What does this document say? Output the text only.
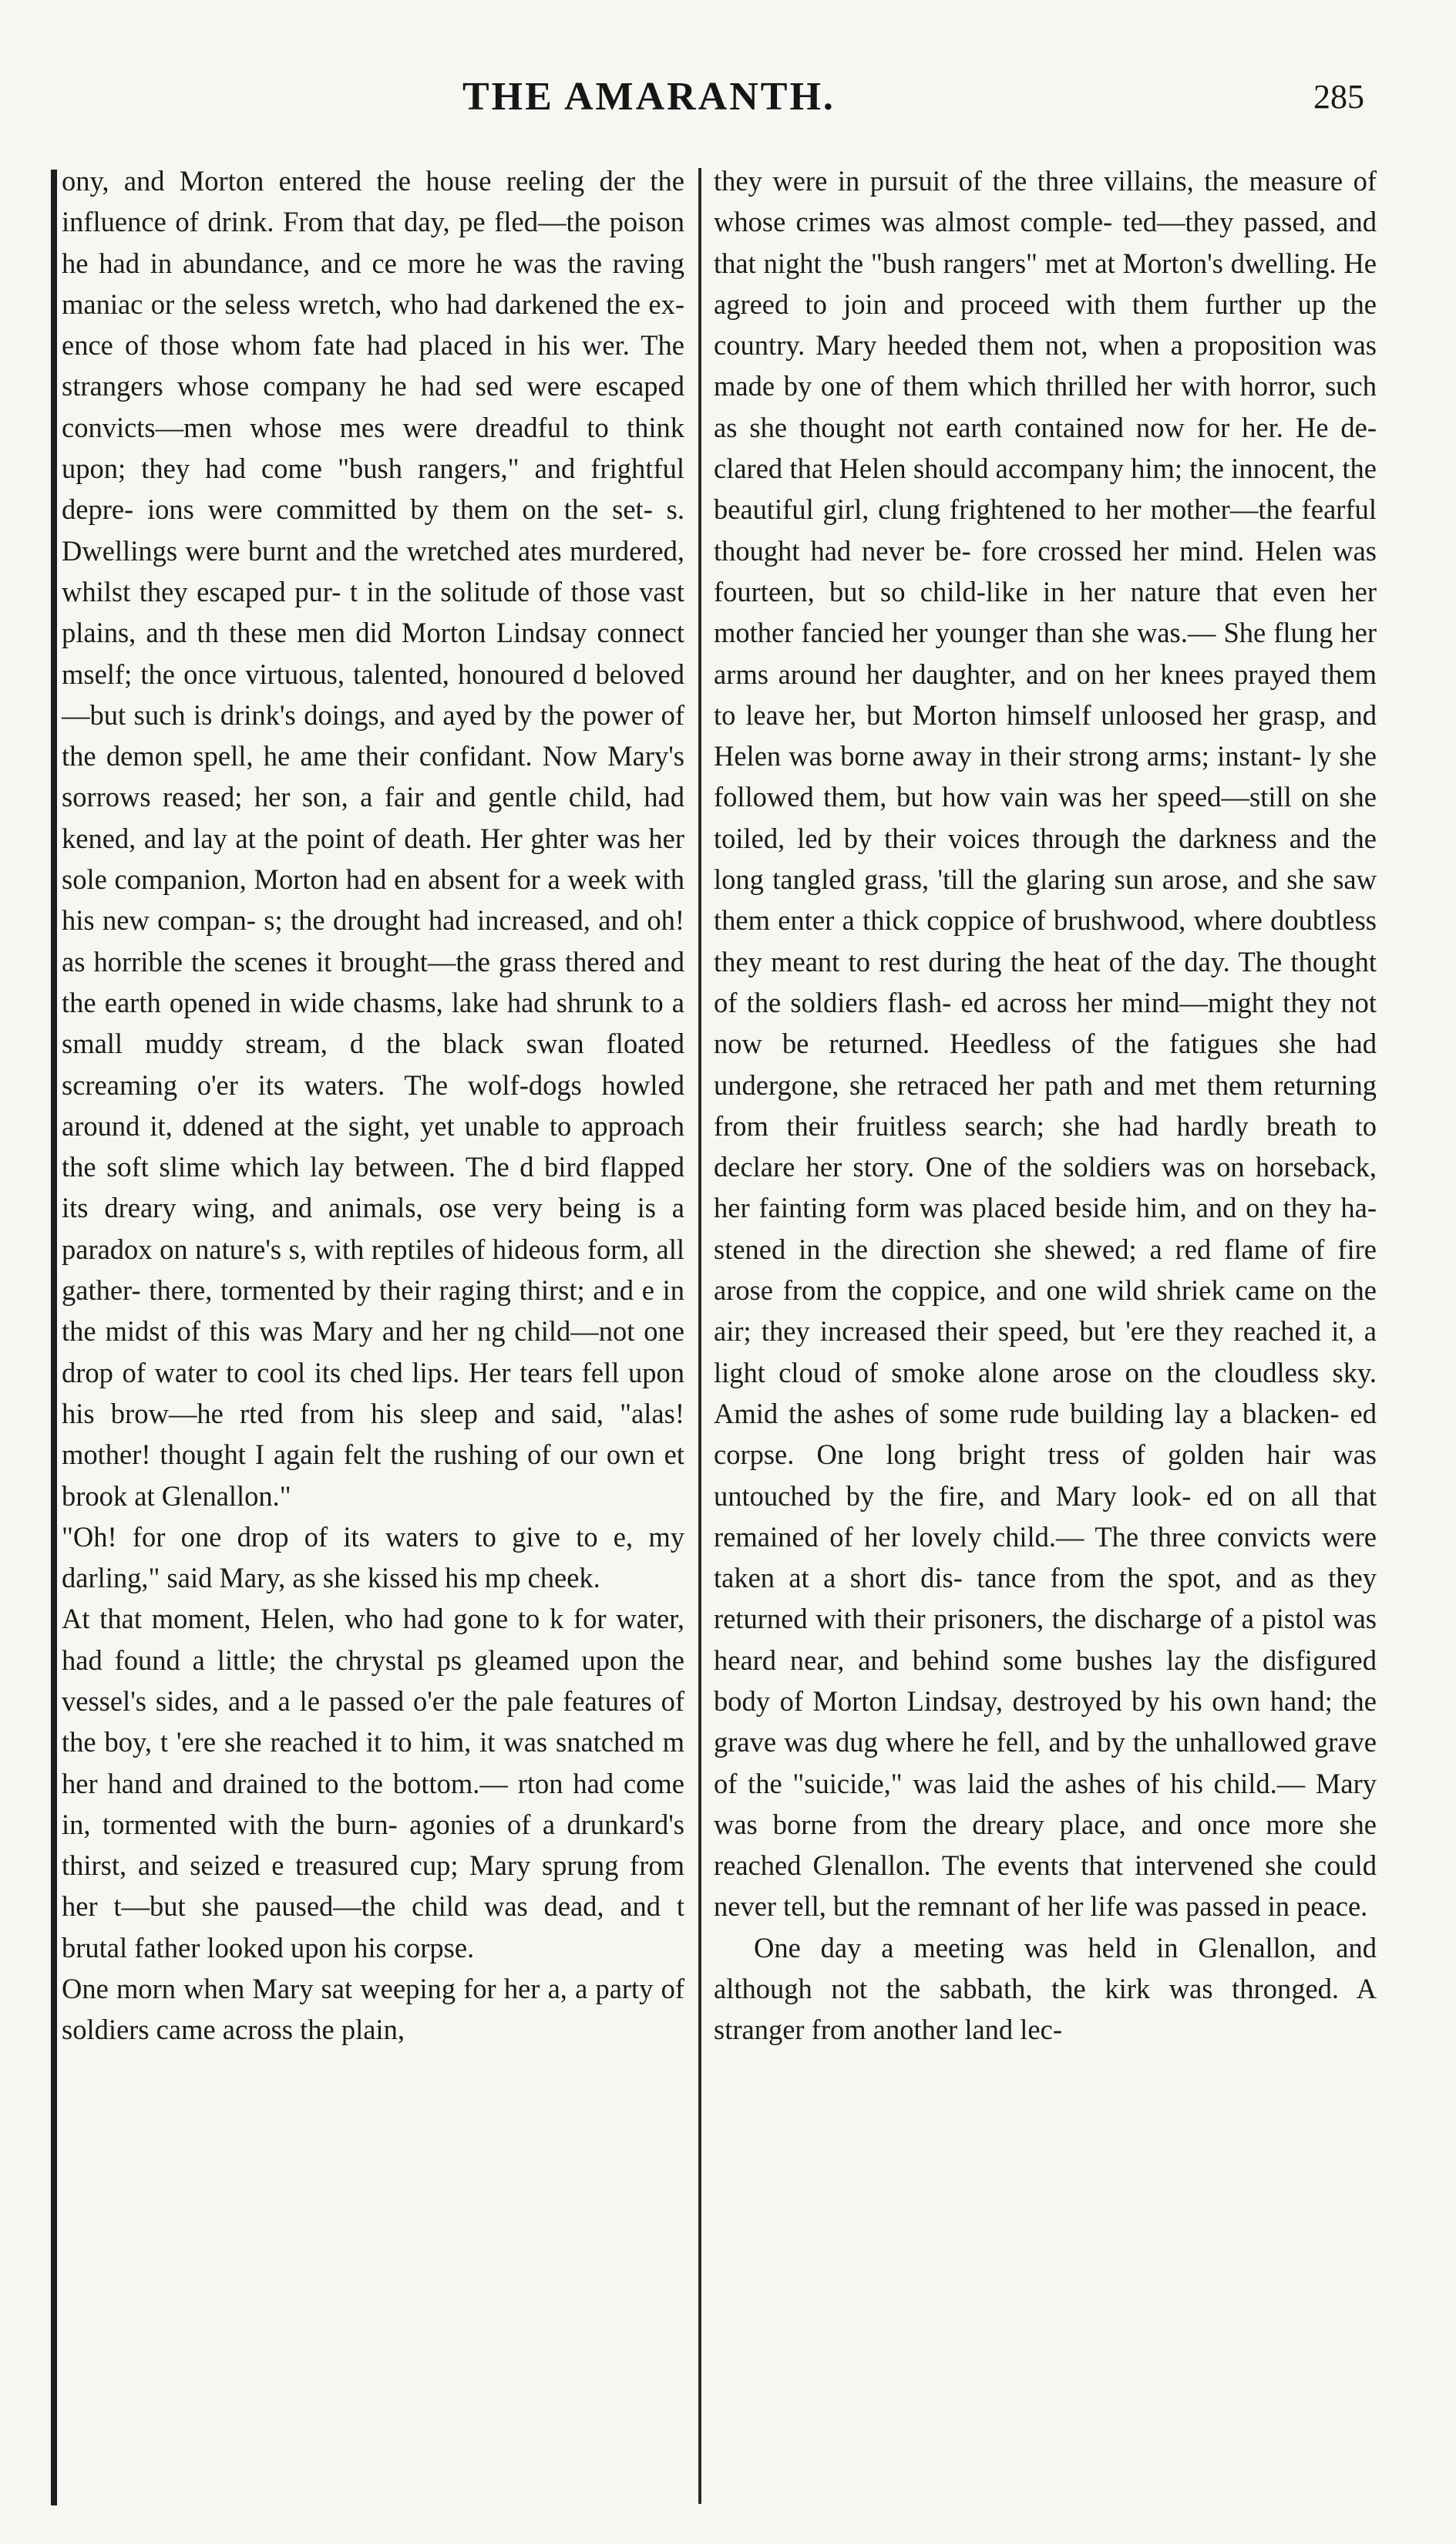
THE AMARANTH.	285

ony, and Morton entered the house reeling der the influence of drink. From that day, pe fled—the poison he had in abundance, and ce more he was the raving maniac or the seless wretch, who had darkened the ex- ence of those whom fate had placed in his wer. The strangers whose company he had sed were escaped convicts—men whose mes were dreadful to think upon; they had come "bush rangers," and frightful depre- ions were committed by them on the set- s. Dwellings were burnt and the wretched ates murdered, whilst they escaped pur- t in the solitude of those vast plains, and th these men did Morton Lindsay connect mself; the once virtuous, talented, honoured d beloved—but such is drink's doings, and ayed by the power of the demon spell, he ame their confidant. Now Mary's sorrows reased; her son, a fair and gentle child, had kened, and lay at the point of death. Her ghter was her sole companion, Morton had en absent for a week with his new compan- s; the drought had increased, and oh! as horrible the scenes it brought—the grass thered and the earth opened in wide chasms, lake had shrunk to a small muddy stream, d the black swan floated screaming o'er its waters. The wolf-dogs howled around it, ddened at the sight, yet unable to approach the soft slime which lay between. The d bird flapped its dreary wing, and animals, ose very being is a paradox on nature's s, with reptiles of hideous form, all gather- there, tormented by their raging thirst; and e in the midst of this was Mary and her ng child—not one drop of water to cool its ched lips. Her tears fell upon his brow—he rted from his sleep and said, "alas! mother! thought I again felt the rushing of our own et brook at Glenallon."

"Oh! for one drop of its waters to give to e, my darling," said Mary, as she kissed his mp cheek.

At that moment, Helen, who had gone to k for water, had found a little; the chrystal ps gleamed upon the vessel's sides, and a le passed o'er the pale features of the boy, t 'ere she reached it to him, it was snatched m her hand and drained to the bottom.— rton had come in, tormented with the burn- agonies of a drunkard's thirst, and seized e treasured cup; Mary sprung from her t—but she paused—the child was dead, and t brutal father looked upon his corpse.

One morn when Mary sat weeping for her a, a party of soldiers came across the plain,

they were in pursuit of the three villains, the measure of whose crimes was almost comple- ted—they passed, and that night the "bush rangers" met at Morton's dwelling. He agreed to join and proceed with them further up the country. Mary heeded them not, when a proposition was made by one of them which thrilled her with horror, such as she thought not earth contained now for her. He de- clared that Helen should accompany him; the innocent, the beautiful girl, clung frightened to her mother—the fearful thought had never be- fore crossed her mind. Helen was fourteen, but so child-like in her nature that even her mother fancied her younger than she was.— She flung her arms around her daughter, and on her knees prayed them to leave her, but Morton himself unloosed her grasp, and Helen was borne away in their strong arms; instant- ly she followed them, but how vain was her speed—still on she toiled, led by their voices through the darkness and the long tangled grass, 'till the glaring sun arose, and she saw them enter a thick coppice of brushwood, where doubtless they meant to rest during the heat of the day. The thought of the soldiers flash- ed across her mind—might they not now be returned. Heedless of the fatigues she had undergone, she retraced her path and met them returning from their fruitless search; she had hardly breath to declare her story. One of the soldiers was on horseback, her fainting form was placed beside him, and on they ha- stened in the direction she shewed; a red flame of fire arose from the coppice, and one wild shriek came on the air; they increased their speed, but 'ere they reached it, a light cloud of smoke alone arose on the cloudless sky. Amid the ashes of some rude building lay a blacken- ed corpse. One long bright tress of golden hair was untouched by the fire, and Mary look- ed on all that remained of her lovely child.— The three convicts were taken at a short dis- tance from the spot, and as they returned with their prisoners, the discharge of a pistol was heard near, and behind some bushes lay the disfigured body of Morton Lindsay, destroyed by his own hand; the grave was dug where he fell, and by the unhallowed grave of the "suicide," was laid the ashes of his child.— Mary was borne from the dreary place, and once more she reached Glenallon. The events that intervened she could never tell, but the remnant of her life was passed in peace.

One day a meeting was held in Glenallon, and although not the sabbath, the kirk was thronged. A stranger from another land lec-
